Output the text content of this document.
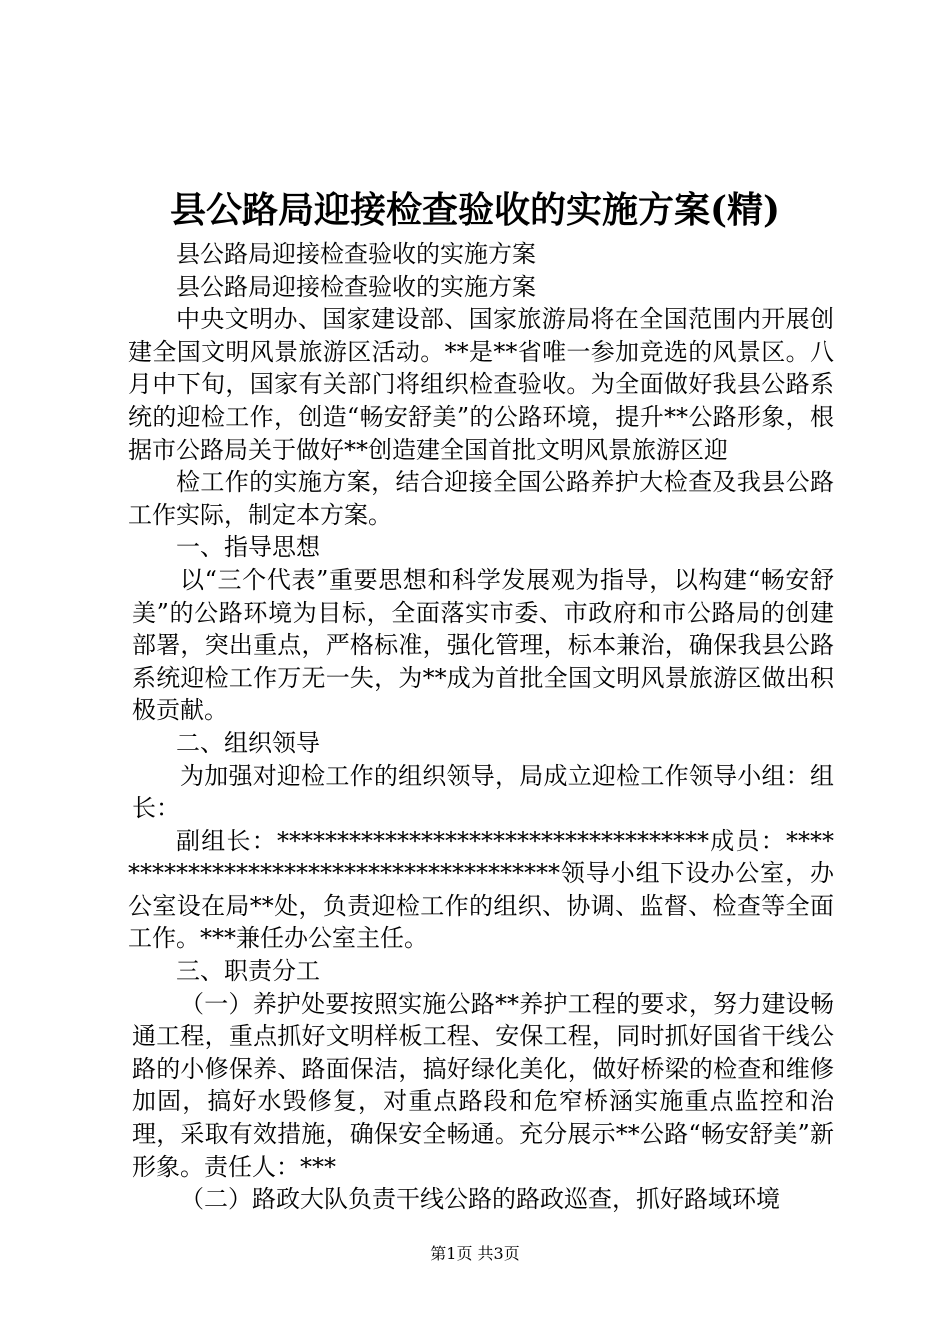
县公路局迎接检查验收的实施方案(精)

县公路局迎接检查验收的实施方案

县公路局迎接检查验收的实施方案

中央文明办、国家建设部、国家旅游局将在全国范围内开展创建全国文明风景旅游区活动。**是**省唯一参加竞选的风景区。八月中下旬，国家有关部门将组织检查验收。为全面做好我县公路系统的迎检工作，创造“畅安舒美”的公路环境，提升**公路形象，根据市公路局关于做好**创造建全国首批文明风景旅游区迎

检工作的实施方案，结合迎接全国公路养护大检查及我县公路工作实际，制定本方案。

一、指导思想

以“三个代表”重要思想和科学发展观为指导，以构建“畅安舒美”的公路环境为目标，全面落实市委、市政府和市公路局的创建部署，突出重点，严格标准，强化管理，标本兼治，确保我县公路系统迎检工作万无一失，为**成为首批全国文明风景旅游区做出积极贡献。

二、组织领导

为加强对迎检工作的组织领导，局成立迎检工作领导小组：组长：

副组长：************************************成员：****************************************领导小组下设办公室，办公室设在局**处，负责迎检工作的组织、协调、监督、检查等全面工作。***兼任办公室主任。

三、职责分工

（一）养护处要按照实施公路**养护工程的要求，努力建设畅通工程，重点抓好文明样板工程、安保工程，同时抓好国省干线公路的小修保养、路面保洁，搞好绿化美化，做好桥梁的检查和维修加固，搞好水毁修复，对重点路段和危窄桥涵实施重点监控和治理，采取有效措施，确保安全畅通。充分展示**公路“畅安舒美”新形象。责任人：***

（二）路政大队负责干线公路的路政巡查，抓好路域环境

第1页 共3页
